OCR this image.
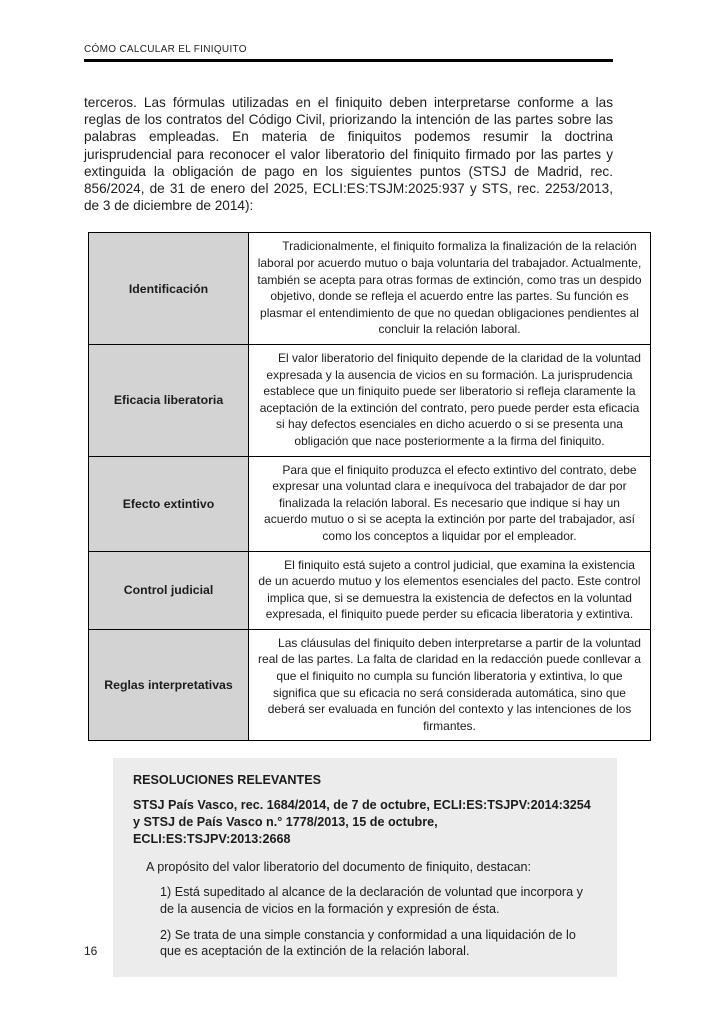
CÓMO CALCULAR EL FINIQUITO

terceros. Las fórmulas utilizadas en el finiquito deben interpretarse conforme a las reglas de los contratos del Código Civil, priorizando la intención de las partes sobre las palabras empleadas. En materia de finiquitos podemos resumir la doctrina jurisprudencial para reconocer el valor liberatorio del finiquito firmado por las partes y extinguida la obligación de pago en los siguientes puntos (STSJ de Madrid, rec. 856/2024, de 31 de enero del 2025, ECLI:ES:TSJM:2025:937 y STS, rec. 2253/2013, de 3 de diciembre de 2014):

Identificación	Tradicionalmente, el finiquito formaliza la finalización de la relación laboral por acuerdo mutuo o baja voluntaria del trabajador. Actualmente, también se acepta para otras formas de extinción, como tras un despido objetivo, donde se refleja el acuerdo entre las partes. Su función es plasmar el entendimiento de que no quedan obligaciones pendientes al concluir la relación laboral.
Eficacia liberatoria	El valor liberatorio del finiquito depende de la claridad de la voluntad expresada y la ausencia de vicios en su formación. La jurisprudencia establece que un finiquito puede ser liberatorio si refleja claramente la aceptación de la extinción del contrato, pero puede perder esta eficacia si hay defectos esenciales en dicho acuerdo o si se presenta una obligación que nace posteriormente a la firma del finiquito.
Efecto extintivo	Para que el finiquito produzca el efecto extintivo del contrato, debe expresar una voluntad clara e inequívoca del trabajador de dar por finalizada la relación laboral. Es necesario que indique si hay un acuerdo mutuo o si se acepta la extinción por parte del trabajador, así como los conceptos a liquidar por el empleador.
Control judicial	El finiquito está sujeto a control judicial, que examina la existencia de un acuerdo mutuo y los elementos esenciales del pacto. Este control implica que, si se demuestra la existencia de defectos en la voluntad expresada, el finiquito puede perder su eficacia liberatoria y extintiva.
Reglas interpretativas	Las cláusulas del finiquito deben interpretarse a partir de la voluntad real de las partes. La falta de claridad en la redacción puede conllevar a que el finiquito no cumpla su función liberatoria y extintiva, lo que significa que su eficacia no será considerada automática, sino que deberá ser evaluada en función del contexto y las intenciones de los firmantes.

RESOLUCIONES RELEVANTES

STSJ País Vasco, rec. 1684/2014, de 7 de octubre, ECLI:ES:TSJPV:2014:3254 y STSJ de País Vasco n.° 1778/2013, 15 de octubre, ECLI:ES:TSJPV:2013:2668

A propósito del valor liberatorio del documento de finiquito, destacan:

1) Está supeditado al alcance de la declaración de voluntad que incorpora y de la ausencia de vicios en la formación y expresión de ésta.

2) Se trata de una simple constancia y conformidad a una liquidación de lo que es aceptación de la extinción de la relación laboral.

16
